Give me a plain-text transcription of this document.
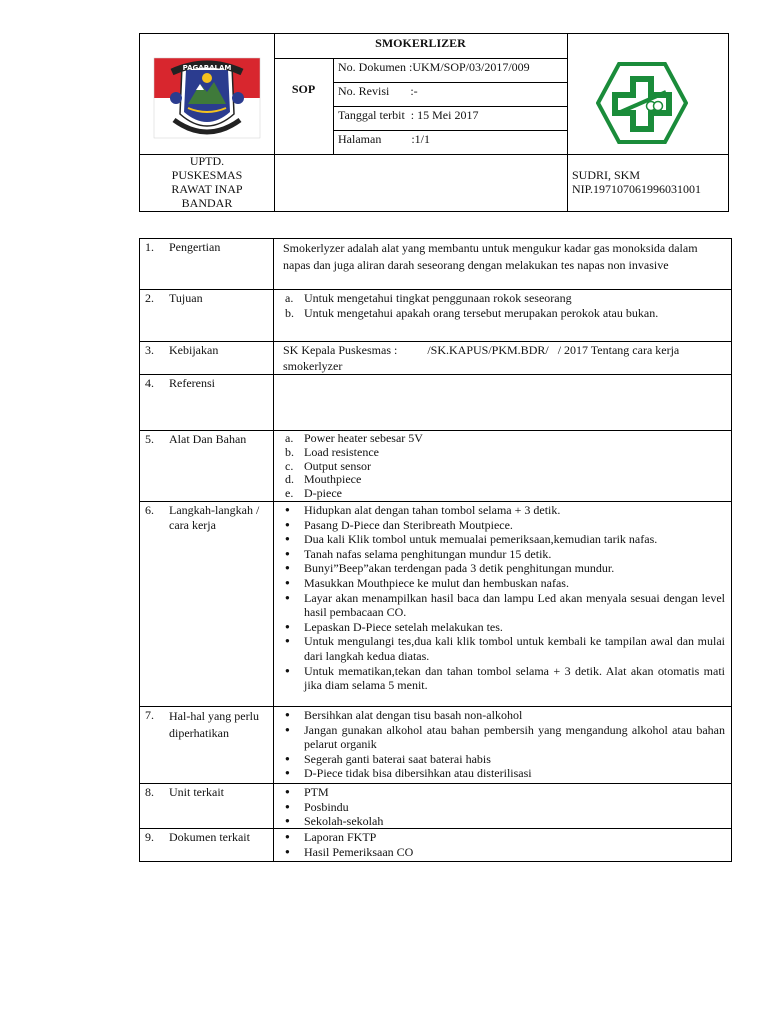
PAGARALAM
SMOKERLIZER
SOP
No. Dokumen :UKM/SOP/03/2017/009
No. Revisi       :-
Tanggal terbit  : 15 Mei 2017
Halaman          :1/1
UPTD.
PUSKESMAS
RAWAT INAP
BANDAR
SUDRI, SKM
NIP.197107061996031001
1.	Pengertian	Smokerlyzer adalah alat yang membantu untuk mengukur kadar gas monoksida dalam napas dan juga aliran darah seseorang dengan melakukan tes napas non invasive
2.	Tujuan	a. Untuk mengetahui tingkat penggunaan rokok seseorang
b. Untuk mengetahui apakah orang tersebut merupakan perokok atau bukan.
3.	Kebijakan	SK Kepala Puskesmas :          /SK.KAPUS/PKM.BDR/   / 2017 Tentang cara kerja smokerlyzer
4.	Referensi
5.	Alat Dan Bahan	a. Power heater sebesar 5V
b. Load resistence
c. Output sensor
d. Mouthpiece
e. D-piece
6.	Langkah-langkah / cara kerja
●	Hidupkan alat dengan tahan tombol selama + 3 detik.
●	Pasang D-Piece dan Steribreath Moutpiece.
●	Dua kali Klik tombol untuk memualai pemeriksaan,kemudian tarik nafas.
●	Tanah nafas selama penghitungan mundur 15 detik.
●	Bunyi”Beep”akan terdengan pada 3 detik penghitungan mundur.
●	Masukkan Mouthpiece ke mulut dan hembuskan nafas.
●	Layar akan menampilkan hasil baca dan lampu Led akan menyala sesuai dengan level hasil pembacaan CO.
●	Lepaskan D-Piece setelah melakukan tes.
●	Untuk mengulangi tes,dua kali klik tombol untuk kembali ke tampilan awal dan mulai dari langkah kedua diatas.
●	Untuk mematikan,tekan dan tahan tombol selama + 3 detik. Alat akan otomatis mati jika diam selama 5 menit.
7.	Hal-hal yang perlu diperhatikan
●	Bersihkan alat dengan tisu basah non-alkohol
●	Jangan gunakan alkohol atau bahan pembersih yang mengandung alkohol atau bahan pelarut organik
●	Segerah ganti baterai saat baterai habis
●	D-Piece tidak bisa dibersihkan atau disterilisasi
8.	Unit terkait	●	PTM
●	Posbindu
●	Sekolah-sekolah
9.	Dokumen terkait	●	Laporan FKTP
●	Hasil Pemeriksaan CO
